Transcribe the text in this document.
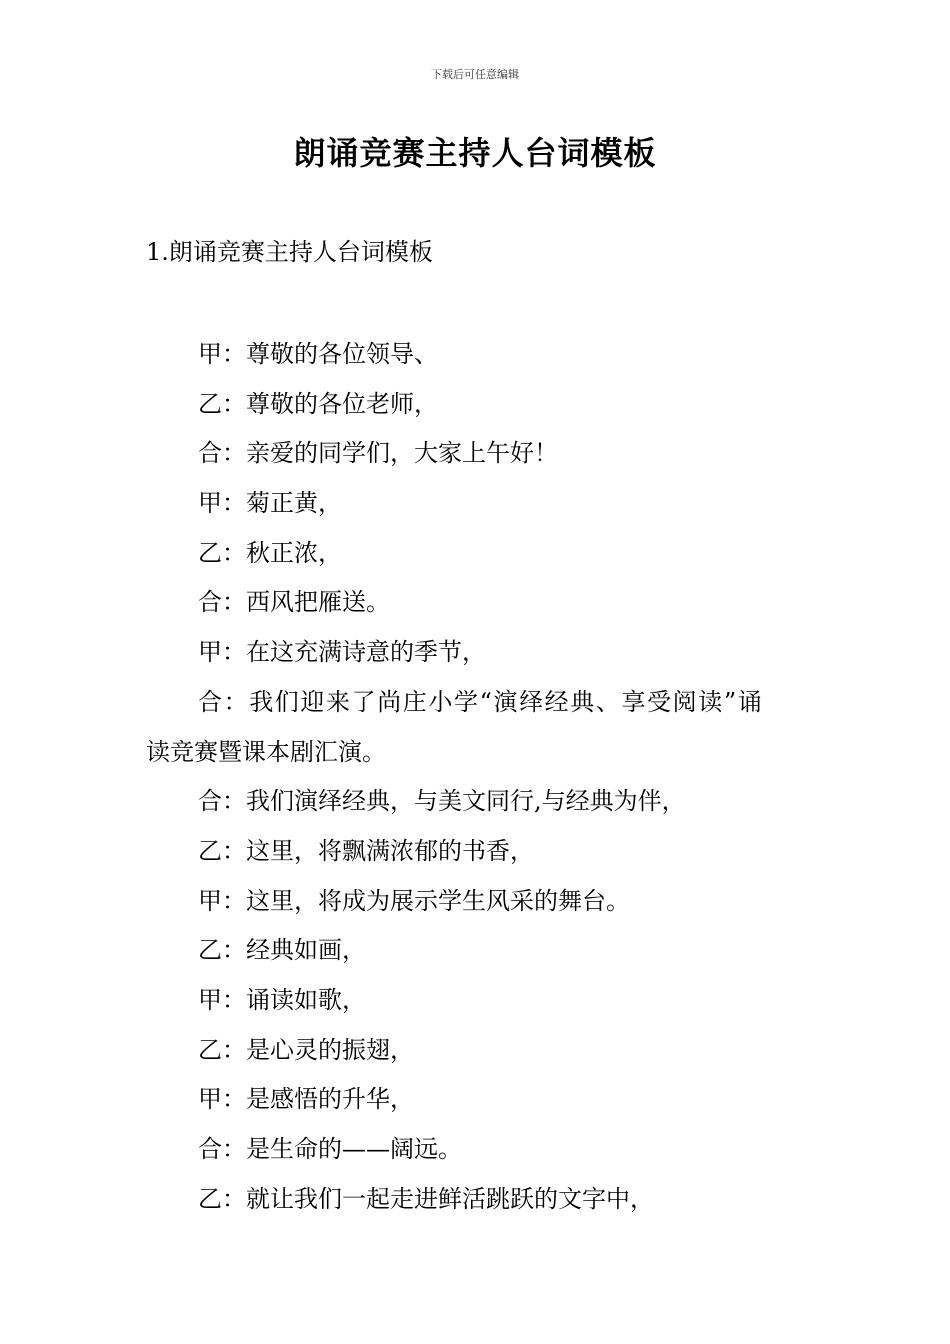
下载后可任意编辑
朗诵竞赛主持人台词模板
1.朗诵竞赛主持人台词模板
甲：尊敬的各位领导、
乙：尊敬的各位老师，
合：亲爱的同学们，大家上午好！
甲：菊正黄，
乙：秋正浓，
合：西风把雁送。
甲：在这充满诗意的季节，
合：我们迎来了尚庄小学“演绎经典、享受阅读”诵
读竞赛暨课本剧汇演。
合：我们演绎经典，与美文同行,与经典为伴，
乙：这里，将飘满浓郁的书香，
甲：这里，将成为展示学生风采的舞台。
乙：经典如画，
甲：诵读如歌，
乙：是心灵的振翅，
甲：是感悟的升华，
合：是生命的——阔远。
乙：就让我们一起走进鲜活跳跃的文字中，
